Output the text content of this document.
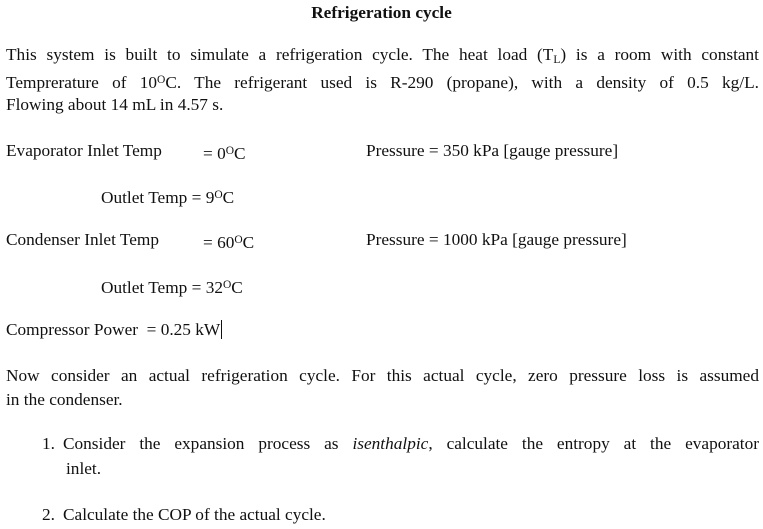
Refrigeration cycle
This system is built to simulate a refrigeration cycle. The heat load $(T_L)$ is a room with constant
Temprerature of $10^OC$. The refrigerant used is R-290 (propane), with a density of 0.5 kg/L.
Flowing about 14 mL in 4.57 s.
Evaporator Inlet Temp = $0^OC$	Pressure = 350 kPa [gauge pressure]
Outlet Temp = $9^OC$
Condenser Inlet Temp	= $60^OC$	Pressure = 1000 kPa [gauge pressure]
Outlet Temp = $32^OC$
Compressor Power = 0.25 kW
Now consider an actual refrigeration cycle. For this actual cycle, zero pressure loss is assumed
in the condenser.
1. Consider the expansion process as isenthalpic, calculate the entropy at the evaporator
inlet.
2. Calculate the COP of the actual cycle.
